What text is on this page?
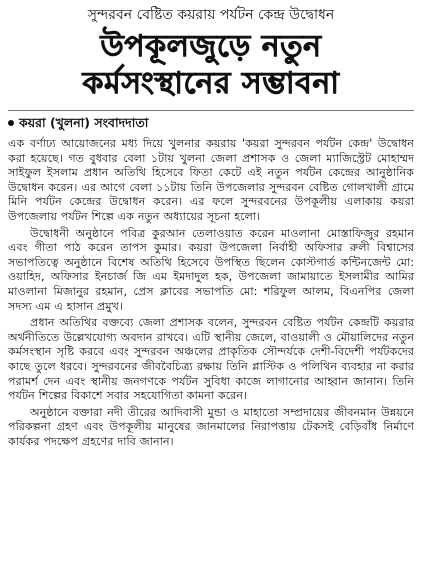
সুন্দরবন বেষ্টিত কয়রায় পর্যটন কেন্দ্র উদ্বোধন
উপকূলজুড়ে নতুন
কর্মসংস্থানের সম্ভাবনা
কয়রা (খুলনা) সংবাদদাতা

এক বর্ণাঢ্য আয়োজনের মধ্য দিয়ে খুলনার কয়রায় 'কয়রা সুন্দরবন পর্যটন কেন্দ্র' উদ্বোধন করা হয়েছে। গত বুধবার বেলা ১টায় খুলনা জেলা প্রশাসক ও জেলা ম্যাজিস্ট্রেট মোহাম্মদ সাইফুল ইসলাম প্রধান অতিথি হিসেবে ফিতা কেটে এই নতুন পর্যটন কেন্দ্রের আনুষ্ঠানিক উদ্বোধন করেন। এর আগে বেলা ১১টায় তিনি উপজেলার সুন্দরবন বেষ্টিত গোলখালী গ্রামে মিনি পর্যটন কেন্দ্রের উদ্বোধন করেন। এর ফলে সুন্দরবনের উপকূলীয় এলাকায় কয়রা উপজেলায় পর্যটন শিল্পে এক নতুন অধ্যায়ের সূচনা হলো।

উদ্বোধনী অনুষ্ঠানে পবিত্র কুরআন তেলাওয়াত করেন মাওলানা মোস্তাফিজুর রহমান এবং গীতা পাঠ করেন তাপস কুমার। কয়রা উপজেলা নির্বাহী অফিসার রুলী বিশ্বাসের সভাপতিত্বে অনুষ্ঠানে বিশেষ অতিথি হিসেবে উপস্থিত ছিলেন কোস্টগার্ড কন্টিনজেন্ট মো: ওয়াহিদ, অফিসার ইনচার্জ জি এম ইমদাদুল হক, উপজেলা জামায়াতে ইসলামীর আমির মাওলানা মিজানুর রহমান, প্রেস ক্লাবের সভাপতি মো: শরিফুল আলম, বিএনপির জেলা সদস্য এম এ হাসান প্রমুখ।

প্রধান অতিথির বক্তব্যে জেলা প্রশাসক বলেন, সুন্দরবন বেষ্টিত পর্যটন কেন্দ্রটি কয়রার অর্থনীতিতে উল্লেখযোগ্য অবদান রাখবে। এটি স্থানীয় জেলে, বাওয়ালী ও মৌয়ালিদের নতুন কর্মসংস্থান সৃষ্টি করবে এবং সুন্দরবন অঞ্চলের প্রাকৃতিক সৌন্দর্যকে দেশী-বিদেশী পর্যটকদের কাছে তুলে ধরবে। সুন্দরবনের জীববৈচিত্র্য রক্ষায় তিনি প্লাস্টিক ও পলিথিন ব্যবহার না করার পরামর্শ দেন এবং স্থানীয় জনগণকে পর্যটন সুবিধা কাজে লাগানোর আহ্বান জানান। তিনি পর্যটন শিল্পের বিকাশে সবার সহযোগিতা কামনা করেন।

অনুষ্ঠানে বক্তারা নদী তীরের আদিবাসী মুন্ডা ও মাহাতো সম্প্রদায়ের জীবনমান উন্নয়নে পরিকল্পনা গ্রহণ এবং উপকূলীয় মানুষের জানমালের নিরাপত্তায় টেকসই বেড়িবাঁধ নির্মাণে কার্যকর পদক্ষেপ গ্রহণের দাবি জানান।
